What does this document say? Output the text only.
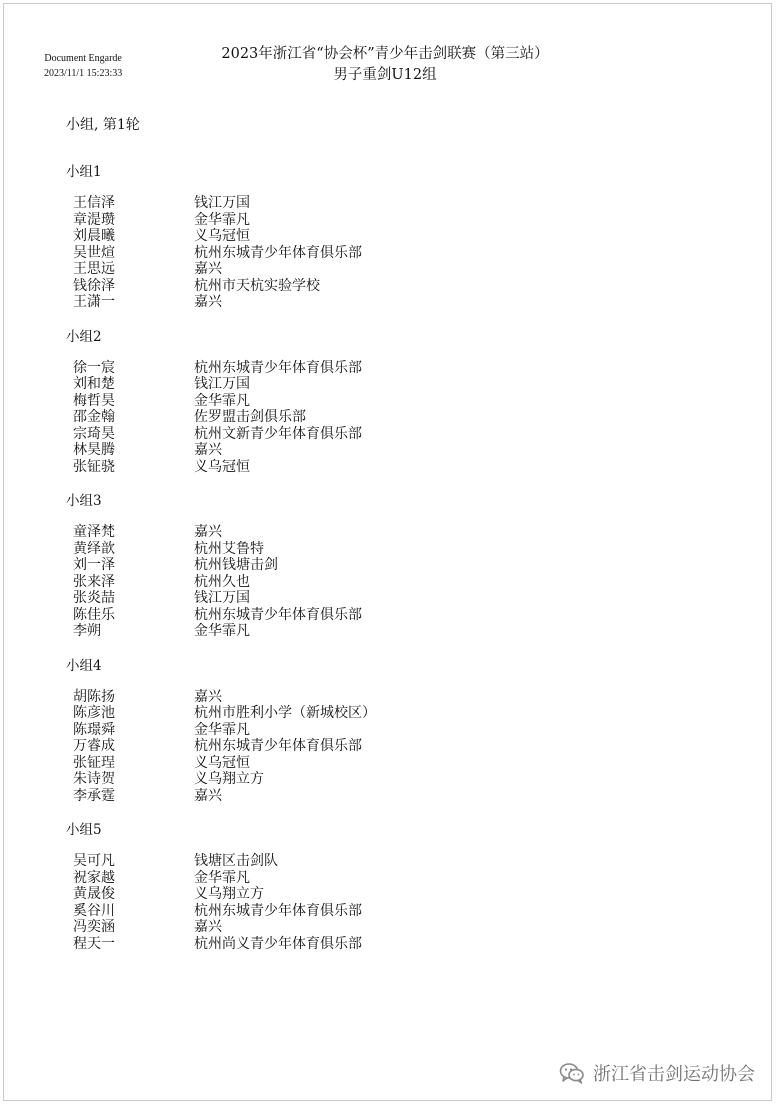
Document Engarde
2023/11/1 15:23:33
2023年浙江省“协会杯”青少年击剑联赛（第三站）
男子重剑U12组
小组, 第1轮
小组1
王信泽	钱江万国
章湜瓒	金华霏凡
刘晨曦	义乌冠恒
吴世煊	杭州东城青少年体育俱乐部
王思远	嘉兴
钱徐泽	杭州市天杭实验学校
王潇一	嘉兴
小组2
徐一宸	杭州东城青少年体育俱乐部
刘和楚	钱江万国
梅哲昊	金华霏凡
邵金翰	佐罗盟击剑俱乐部
宗琦昊	杭州文新青少年体育俱乐部
林昊腾	嘉兴
张钲骁	义乌冠恒
小组3
童泽梵	嘉兴
黄绎歆	杭州艾鲁特
刘一泽	杭州钱塘击剑
张来泽	杭州久也
张炎喆	钱江万国
陈佳乐	杭州东城青少年体育俱乐部
李朔	金华霏凡
小组4
胡陈扬	嘉兴
陈彦池	杭州市胜利小学（新城校区）
陈璟舜	金华霏凡
万睿成	杭州东城青少年体育俱乐部
张钲珵	义乌冠恒
朱诗贺	义乌翔立方
李承霆	嘉兴
小组5
吴可凡	钱塘区击剑队
祝家越	金华霏凡
黄晟俊	义乌翔立方
奚谷川	杭州东城青少年体育俱乐部
冯奕涵	嘉兴
程天一	杭州尚义青少年体育俱乐部
浙江省击剑运动协会
